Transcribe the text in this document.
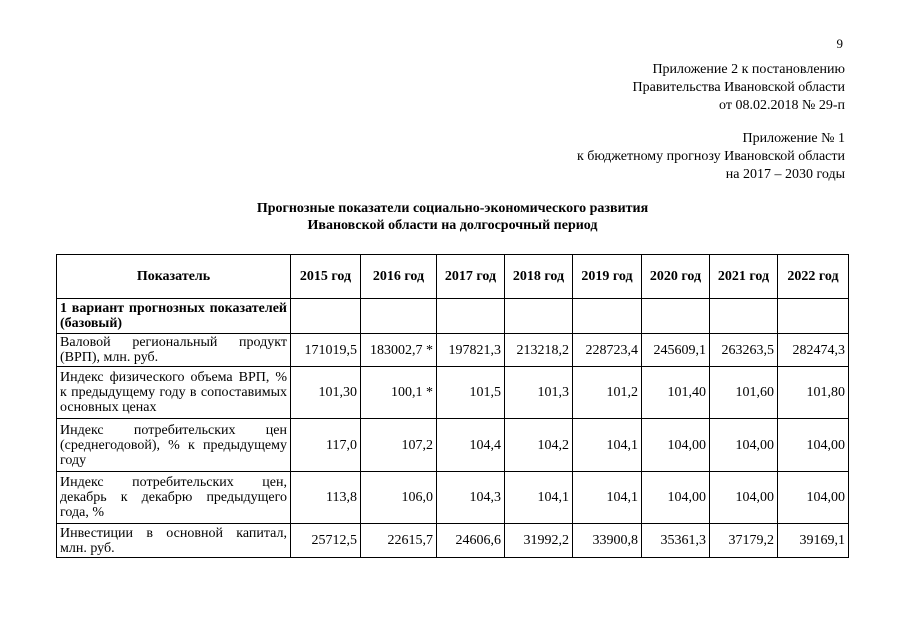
9
Приложение 2 к постановлению
Правительства Ивановской области
от 08.02.2018 № 29-п
Приложение № 1
к бюджетному прогнозу Ивановской области
на 2017 – 2030 годы
Прогнозные показатели социально-экономического развития
Ивановской области на долгосрочный период
Показатель	2015 год	2016 год	2017 год	2018 год	2019 год	2020 год	2021 год	2022 год
1 вариант прогнозных показателей (базовый)								
Валовой региональный продукт (ВРП), млн. руб.	171019,5	183002,7 *	197821,3	213218,2	228723,4	245609,1	263263,5	282474,3
Индекс физического объема ВРП, % к предыдущему году в сопоставимых основных ценах	101,30	100,1 *	101,5	101,3	101,2	101,40	101,60	101,80
Индекс потребительских цен (среднегодовой), % к предыдущему году	117,0	107,2	104,4	104,2	104,1	104,00	104,00	104,00
Индекс потребительских цен, декабрь к декабрю предыдущего года, %	113,8	106,0	104,3	104,1	104,1	104,00	104,00	104,00
Инвестиции в основной капитал, млн. руб.	25712,5	22615,7	24606,6	31992,2	33900,8	35361,3	37179,2	39169,1
